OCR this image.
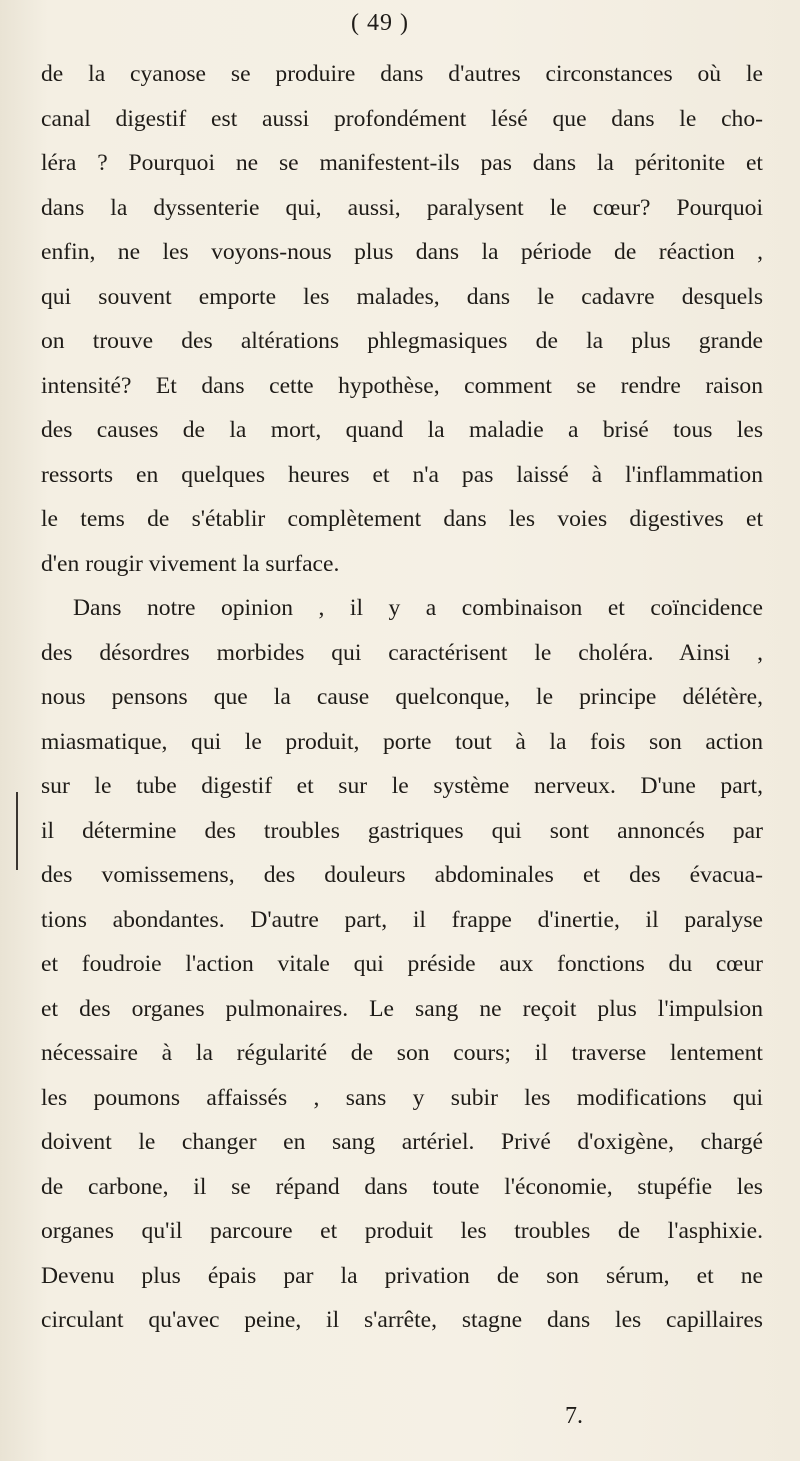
( 49 )
de la cyanose se produire dans d'autres circonstances où le
canal digestif est aussi profondément lésé que dans le cho-
léra ? Pourquoi ne se manifestent-ils pas dans la péritonite et
dans la dyssenterie qui, aussi, paralysent le cœur? Pourquoi
enfin, ne les voyons-nous plus dans la période de réaction ,
qui souvent emporte les malades, dans le cadavre desquels
on trouve des altérations phlegmasiques de la plus grande
intensité? Et dans cette hypothèse, comment se rendre raison
des causes de la mort, quand la maladie a brisé tous les
ressorts en quelques heures et n'a pas laissé à l'inflammation
le tems de s'établir complètement dans les voies digestives et
d'en rougir vivement la surface.
Dans notre opinion , il y a combinaison et coïncidence
des désordres morbides qui caractérisent le choléra. Ainsi ,
nous pensons que la cause quelconque, le principe délétère,
miasmatique, qui le produit, porte tout à la fois son action
sur le tube digestif et sur le système nerveux. D'une part,
il détermine des troubles gastriques qui sont annoncés par
des vomissemens, des douleurs abdominales et des évacua-
tions abondantes. D'autre part, il frappe d'inertie, il paralyse
et foudroie l'action vitale qui préside aux fonctions du cœur
et des organes pulmonaires. Le sang ne reçoit plus l'impulsion
nécessaire à la régularité de son cours; il traverse lentement
les poumons affaissés , sans y subir les modifications qui
doivent le changer en sang artériel. Privé d'oxigène, chargé
de carbone, il se répand dans toute l'économie, stupéfie les
organes qu'il parcoure et produit les troubles de l'asphixie.
Devenu plus épais par la privation de son sérum, et ne
circulant qu'avec peine, il s'arrête, stagne dans les capillaires
7.
